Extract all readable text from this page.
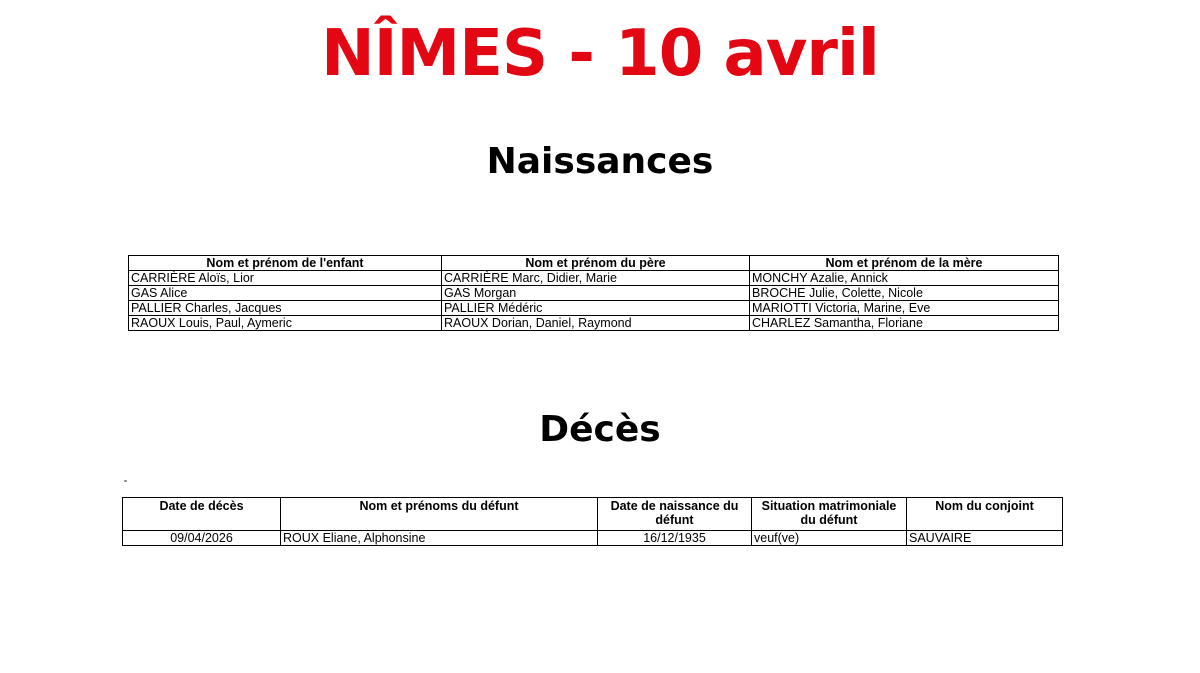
NÎMES - 10 avril
Naissances
Nom et prénom de l'enfant	Nom et prénom du père	Nom et prénom de la mère
CARRIÈRE Aloïs, Lior	CARRIÈRE Marc, Didier, Marie	MONCHY Azalie, Annick
GAS Alice	GAS Morgan	BROCHE Julie, Colette, Nicole
PALLIER Charles, Jacques	PALLIER Médéric	MARIOTTI Victoria, Marine, Eve
RAOUX Louis, Paul, Aymeric	RAOUX Dorian, Daniel, Raymond	CHARLEZ Samantha, Floriane
Décès
Date de décès	Nom et prénoms du défunt	Date de naissance du défunt	Situation matrimoniale du défunt	Nom du conjoint
09/04/2026	ROUX Eliane, Alphonsine	16/12/1935	veuf(ve)	SAUVAIRE
